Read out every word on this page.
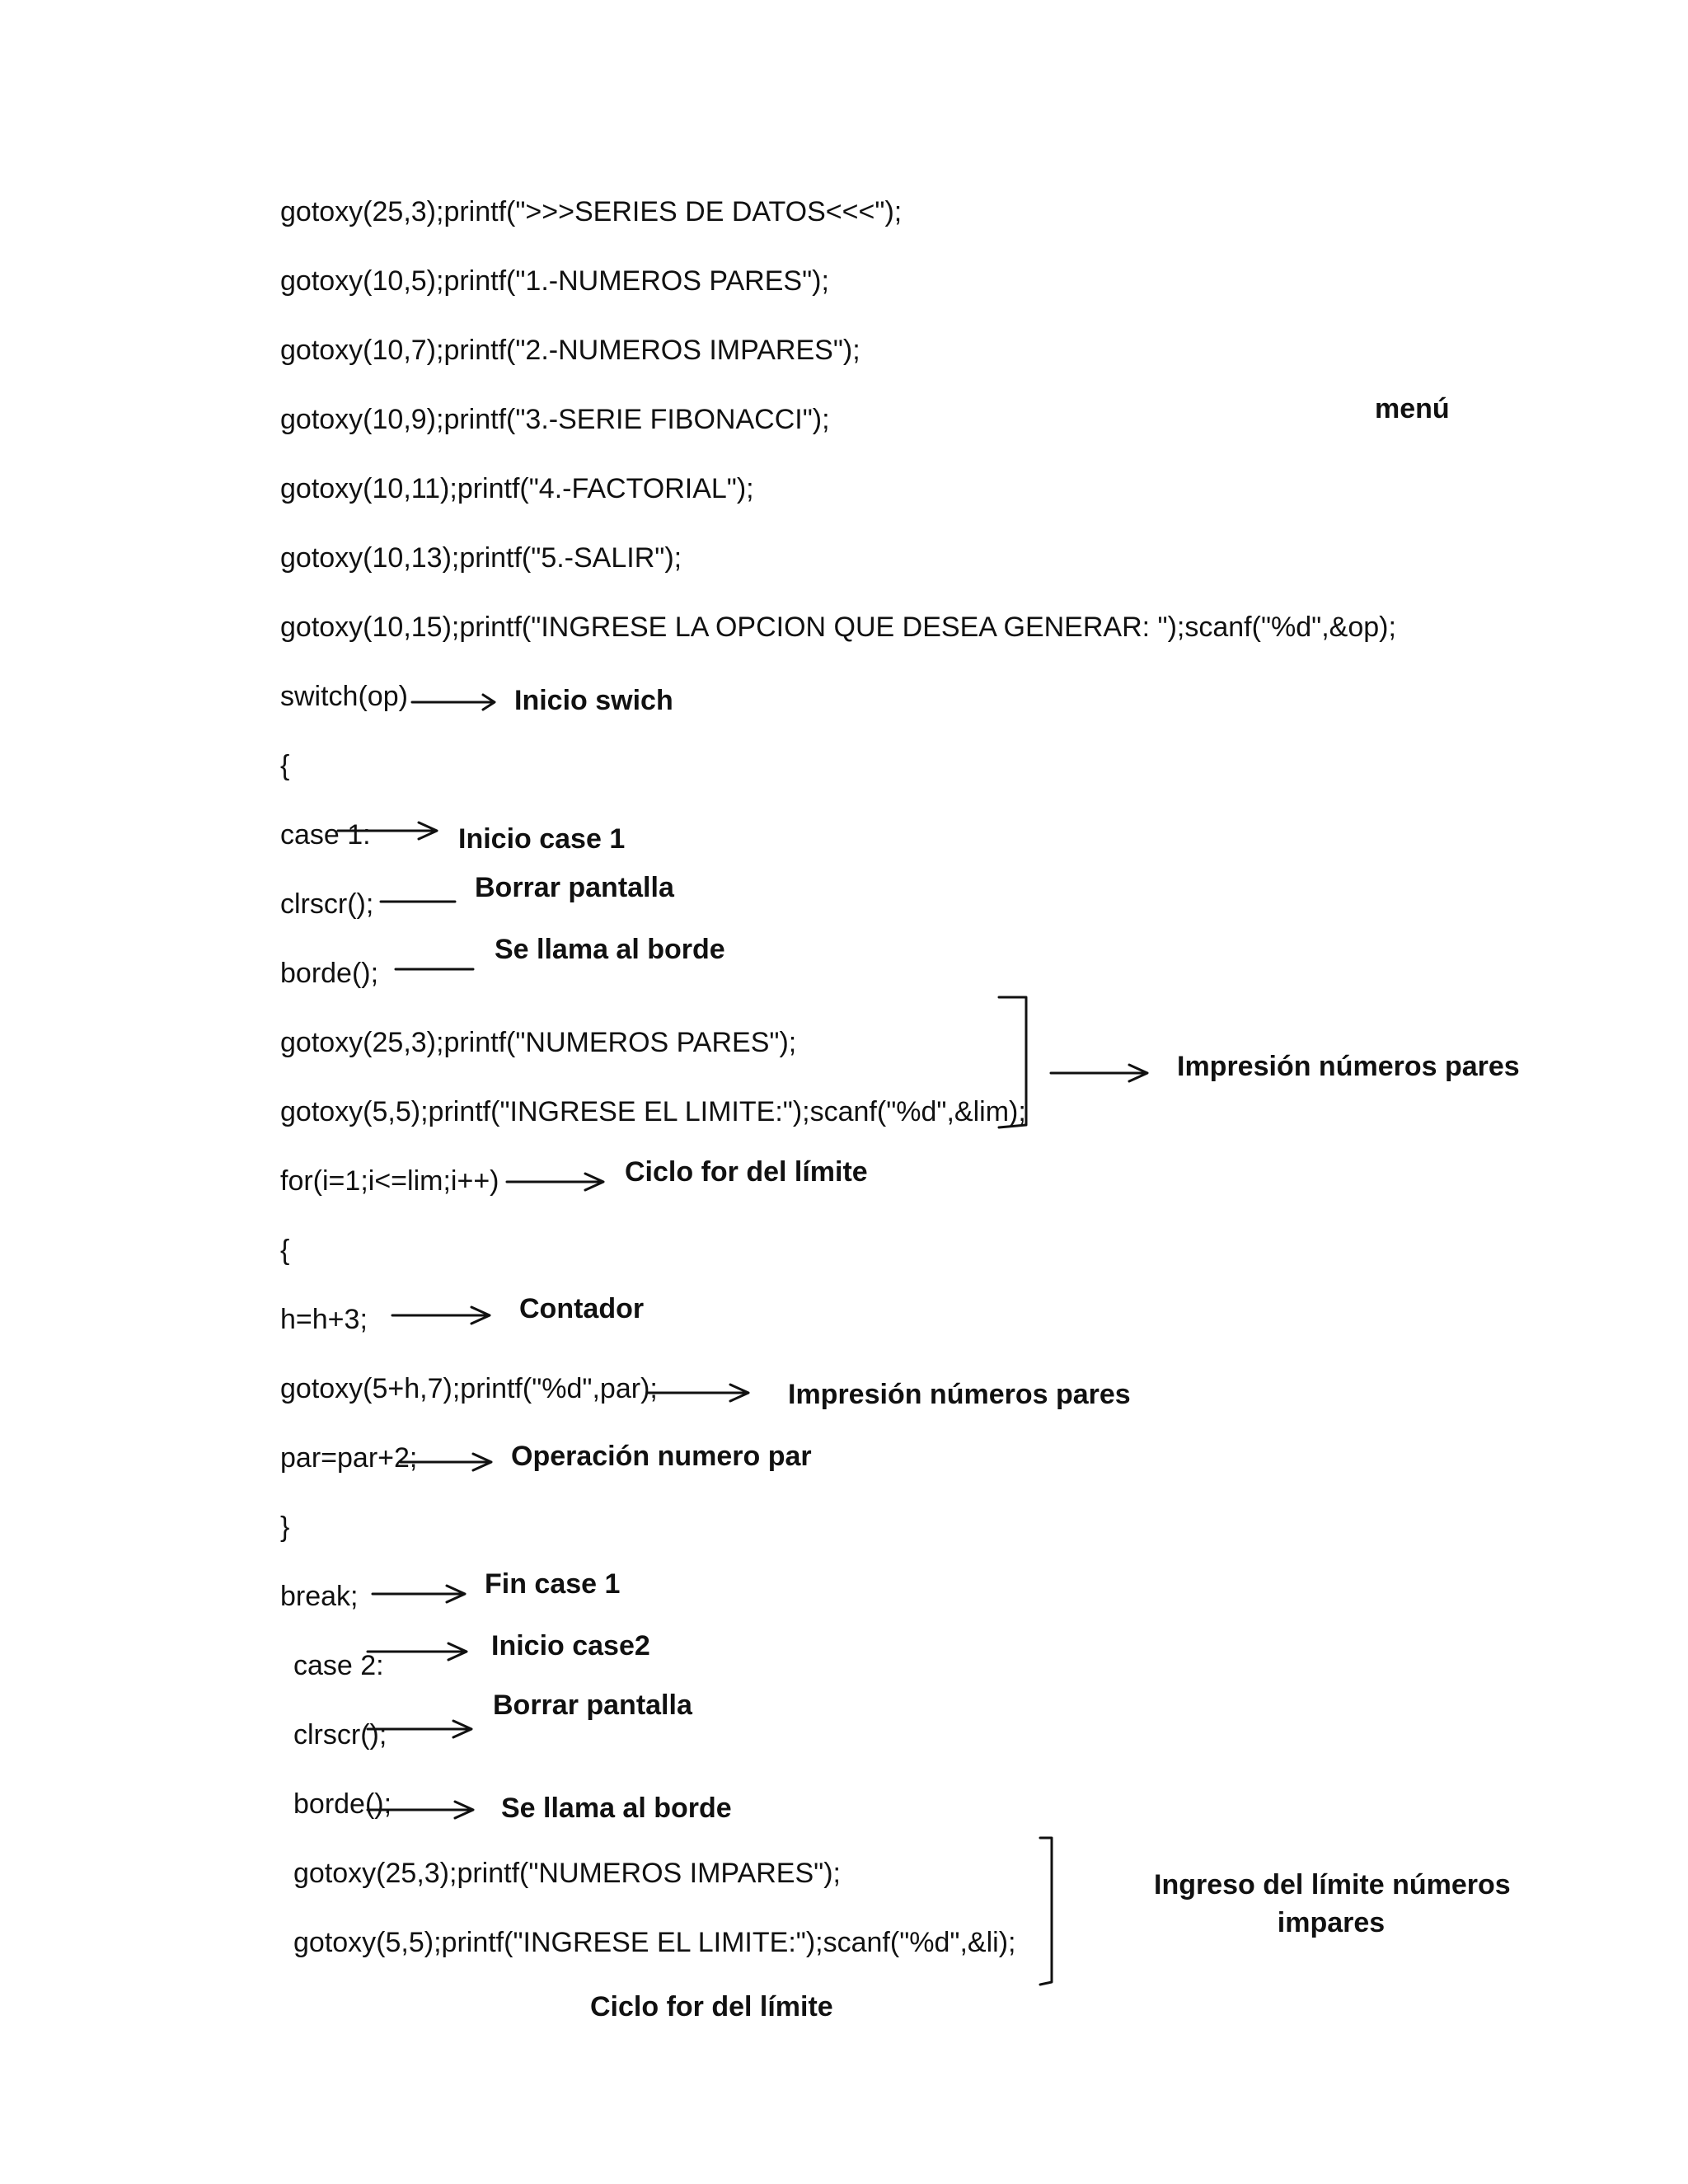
gotoxy(25,3);printf(">>>SERIES DE DATOS<<<");
gotoxy(10,5);printf("1.-NUMEROS PARES");
gotoxy(10,7);printf("2.-NUMEROS IMPARES");
gotoxy(10,9);printf("3.-SERIE FIBONACCI");
gotoxy(10,11);printf("4.-FACTORIAL");
gotoxy(10,13);printf("5.-SALIR");
gotoxy(10,15);printf("INGRESE LA OPCION QUE DESEA GENERAR: ");scanf("%d",&op);
switch(op)
{
case 1:
clrscr();
borde();
gotoxy(25,3);printf("NUMEROS PARES");
gotoxy(5,5);printf("INGRESE EL LIMITE:");scanf("%d",&lim);
for(i=1;i<=lim;i++)
{
h=h+3;
gotoxy(5+h,7);printf("%d",par);
par=par+2;
}
break;
case 2:
clrscr();
borde();
gotoxy(25,3);printf("NUMEROS IMPARES");
gotoxy(5,5);printf("INGRESE EL LIMITE:");scanf("%d",&li);
menú
Inicio swich
Inicio case 1
Borrar pantalla
Se llama al borde
Impresión números pares
Ciclo for del límite
Contador
Impresión números pares
Operación numero par
Fin case 1
Inicio case2
Borrar pantalla
Se llama al borde
Ingreso del límite números
impares
Ciclo for del límite
